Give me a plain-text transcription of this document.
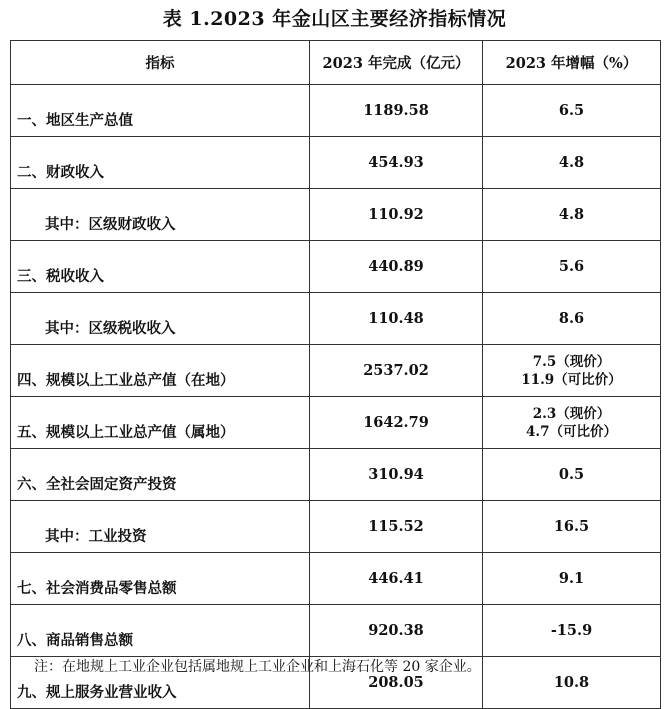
表 1.2023 年金山区主要经济指标情况
指标	2023 年完成（亿元）	2023 年增幅（%）
一、地区生产总值	1189.58	6.5
二、财政收入	454.93	4.8
其中：区级财政收入	110.92	4.8
三、税收收入	440.89	5.6
其中：区级税收收入	110.48	8.6
四、规模以上工业总产值（在地）	2537.02	7.5（现价）
11.9（可比价）

五、规模以上工业总产值（属地）	1642.79	2.3（现价）
4.7（可比价）

六、全社会固定资产投资	310.94	0.5
其中：工业投资	115.52	16.5
七、社会消费品零售总额	446.41	9.1
八、商品销售总额	920.38	-15.9
九、规上服务业营业收入	208.05	10.8
注：在地规上工业企业包括属地规上工业企业和上海石化等 20 家企业。
